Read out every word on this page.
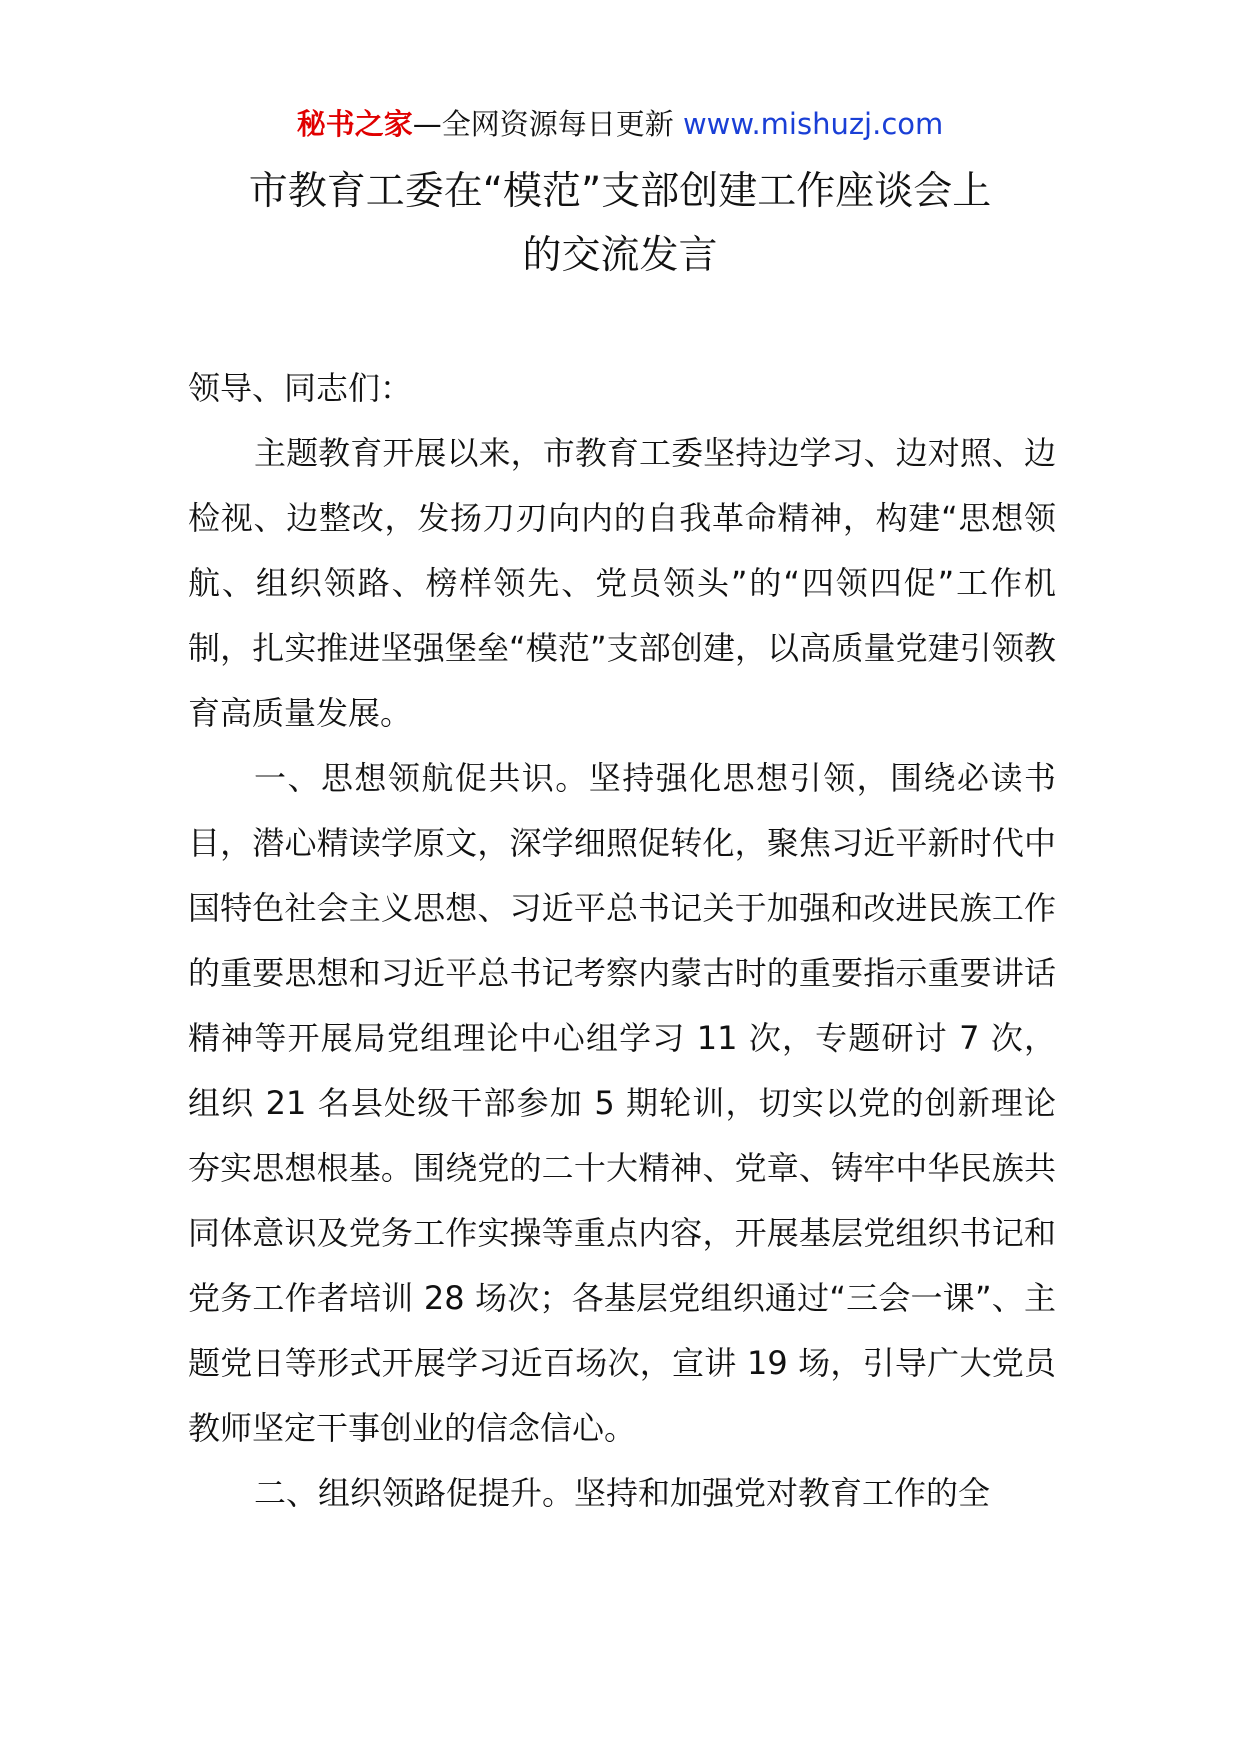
秘书之家—全网资源每日更新 www.mishuzj.com
市教育工委在“模范”支部创建工作座谈会上
的交流发言

领导、同志们：

主题教育开展以来，市教育工委坚持边学习、边对照、边检视、边整改，发扬刀刃向内的自我革命精神，构建“思想领航、组织领路、榜样领先、党员领头”的“四领四促”工作机制，扎实推进坚强堡垒“模范”支部创建，以高质量党建引领教育高质量发展。

一、思想领航促共识。坚持强化思想引领，围绕必读书目，潜心精读学原文，深学细照促转化，聚焦习近平新时代中国特色社会主义思想、习近平总书记关于加强和改进民族工作的重要思想和习近平总书记考察内蒙古时的重要指示重要讲话精神等开展局党组理论中心组学习 11 次，专题研讨 7 次，组织 21 名县处级干部参加 5 期轮训，切实以党的创新理论夯实思想根基。围绕党的二十大精神、党章、铸牢中华民族共同体意识及党务工作实操等重点内容，开展基层党组织书记和党务工作者培训 28 场次；各基层党组织通过“三会一课”、主题党日等形式开展学习近百场次，宣讲 19 场，引导广大党员教师坚定干事创业的信念信心。

二、组织领路促提升。坚持和加强党对教育工作的全
